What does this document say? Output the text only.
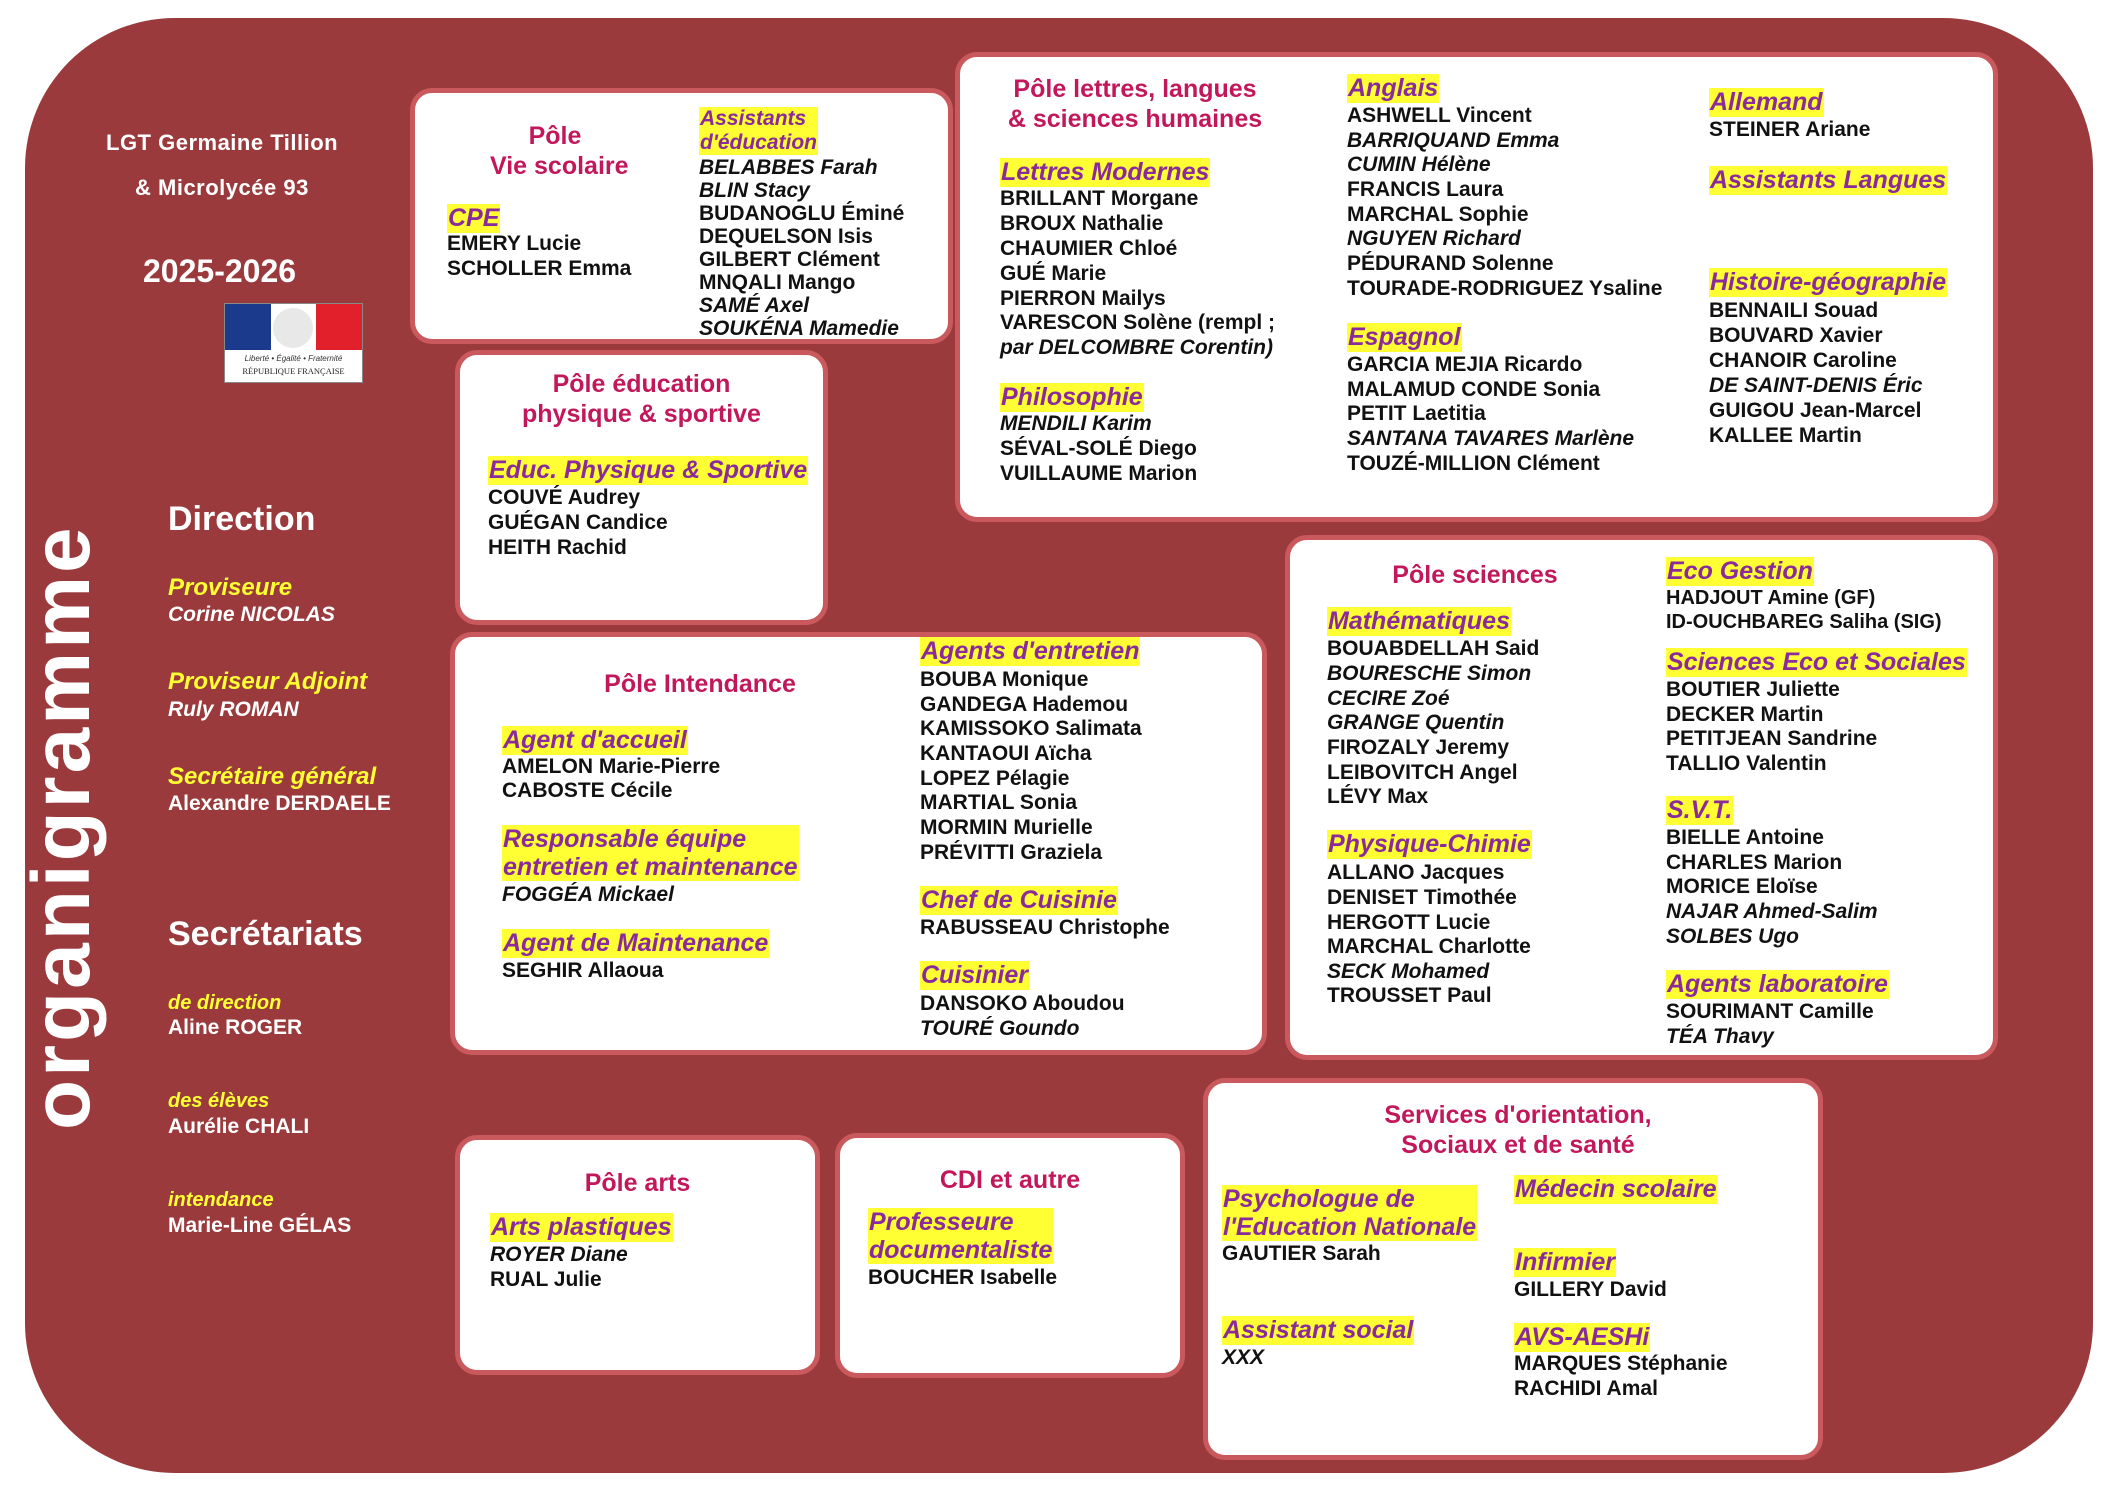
LGT Germaine Tillion
& Microlycée 93
2025-2026
Liberté • Égalité • Fraternité
RÉPUBLIQUE FRANÇAISE
organigramme
Direction
Proviseure
Corine NICOLAS
Proviseur Adjoint
Ruly ROMAN
Secrétaire général
Alexandre DERDAELE
Secrétariats
de direction
Aline ROGER
des élèves
Aurélie CHALI
intendance
Marie-Line GÉLAS
Pôle
Vie scolaire
CPE
EMERY Lucie
SCHOLLER Emma
Assistants
d'éducation
BELABBES Farah
BLIN Stacy
BUDANOGLU Éminé
DEQUELSON Isis
GILBERT Clément
MNQALI Mango
SAMÉ Axel
SOUKÉNA Mamedie
Pôle éducation
physique & sportive
Educ. Physique & Sportive
COUVÉ Audrey
GUÉGAN Candice
HEITH Rachid
Pôle lettres, langues
& sciences humaines
Lettres Modernes
BRILLANT Morgane
BROUX Nathalie
CHAUMIER Chloé
GUÉ Marie
PIERRON Mailys
VARESCON Solène (rempl ;
par DELCOMBRE Corentin)
Philosophie
MENDILI Karim
SÉVAL-SOLÉ Diego
VUILLAUME Marion
Anglais
ASHWELL Vincent
BARRIQUAND Emma
CUMIN Hélène
FRANCIS Laura
MARCHAL Sophie
NGUYEN Richard
PÉDURAND Solenne
TOURADE-RODRIGUEZ Ysaline
Espagnol
GARCIA MEJIA Ricardo
MALAMUD CONDE Sonia
PETIT Laetitia
SANTANA TAVARES Marlène
TOUZÉ-MILLION Clément
Allemand
STEINER Ariane
Assistants Langues
Histoire-géographie
BENNAILI Souad
BOUVARD Xavier
CHANOIR Caroline
DE SAINT-DENIS Éric
GUIGOU Jean-Marcel
KALLEE Martin
Pôle Intendance
Agent d'accueil
AMELON Marie-Pierre
CABOSTE Cécile
Responsable équipe
entretien et maintenance
FOGGÉA Mickael
Agent de Maintenance
SEGHIR Allaoua
Agents d'entretien
BOUBA Monique
GANDEGA Hademou
KAMISSOKO Salimata
KANTAOUI Aïcha
LOPEZ Pélagie
MARTIAL Sonia
MORMIN Murielle
PRÉVITTI Graziela
Chef de Cuisinie
RABUSSEAU Christophe
Cuisinier
DANSOKO Aboudou
TOURÉ Goundo
Pôle sciences
Mathématiques
BOUABDELLAH Said
BOURESCHE Simon
CECIRE Zoé
GRANGE Quentin
FIROZALY Jeremy
LEIBOVITCH Angel
LÉVY Max
Physique-Chimie
ALLANO Jacques
DENISET Timothée
HERGOTT Lucie
MARCHAL Charlotte
SECK Mohamed
TROUSSET Paul
Eco Gestion
HADJOUT Amine (GF)
ID-OUCHBAREG Saliha (SIG)
Sciences Eco et Sociales
BOUTIER Juliette
DECKER Martin
PETITJEAN Sandrine
TALLIO Valentin
S.V.T.
BIELLE Antoine
CHARLES Marion
MORICE Eloïse
NAJAR Ahmed-Salim
SOLBES Ugo
Agents laboratoire
SOURIMANT Camille
TÉA Thavy
Pôle arts
Arts plastiques
ROYER Diane
RUAL Julie
CDI et autre
Professeure
documentaliste
BOUCHER Isabelle
Services d'orientation,
Sociaux et de santé
Psychologue de
l'Education Nationale
GAUTIER Sarah
Assistant social
XXX
Médecin scolaire
Infirmier
GILLERY David
AVS-AESHi
MARQUES Stéphanie
RACHIDI Amal
